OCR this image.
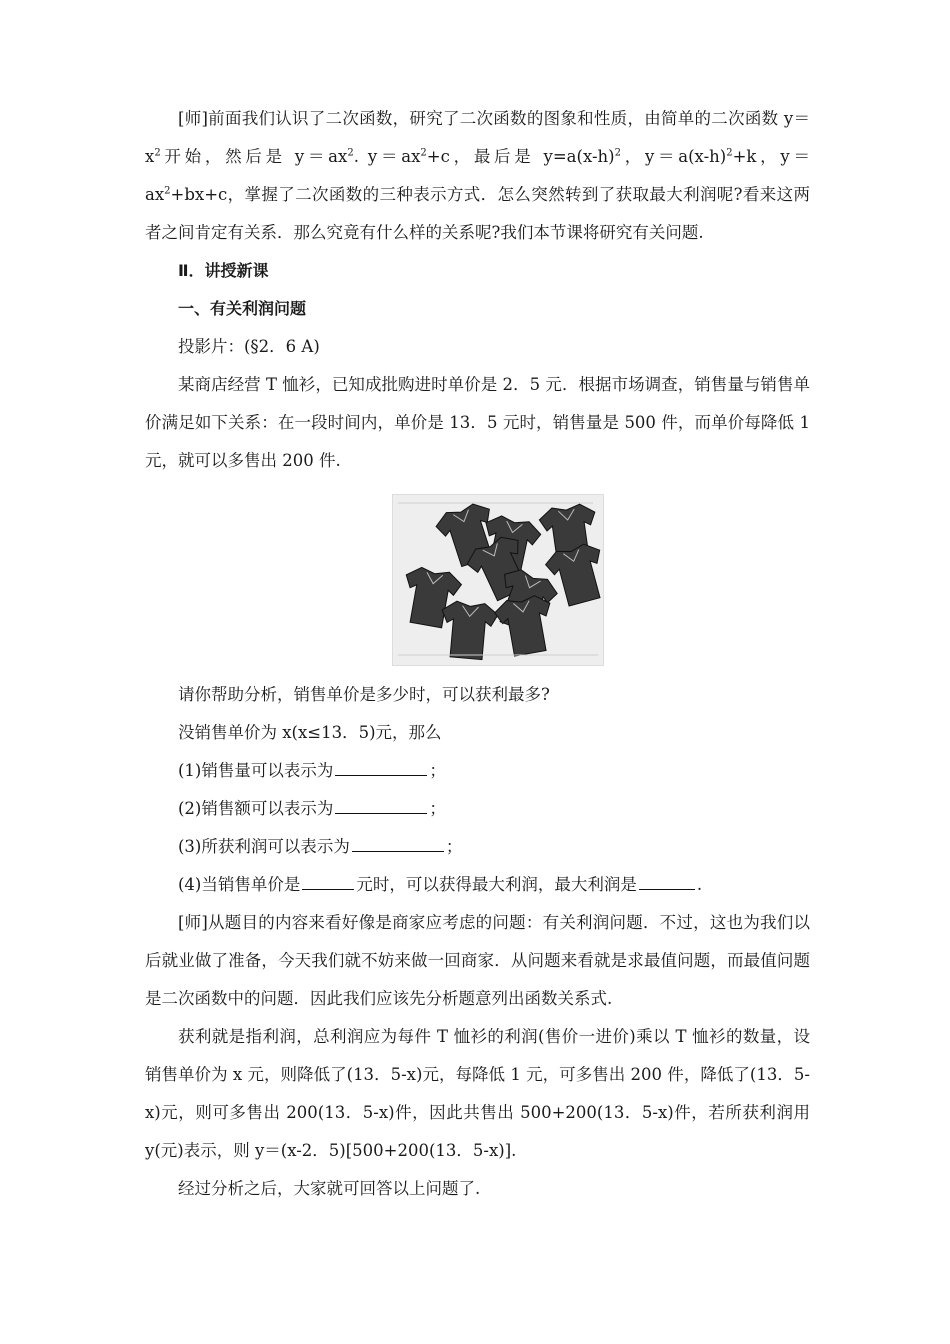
[师]前面我们认识了二次函数，研究了二次函数的图象和性质，由简单的二次函数 $y=x^2$开始，然后是 $y=ax^2$. $y=ax^2+c$，最后是 $y=a(x-h)^2$，$y=a(x-h)^2+k$，$y=ax^2+bx+c$，掌握了二次函数的三种表示方式．怎么突然转到了获取最大利润呢?看来这两者之间肯定有关系．那么究竟有什么样的关系呢?我们本节课将研究有关问题.

Ⅱ．讲授新课

一、有关利润问题

投影片：(§2．6 A)

某商店经营 T 恤衫，已知成批购进时单价是 2．5 元．根据市场调查，销售量与销售单价满足如下关系：在一段时间内，单价是 13．5 元时，销售量是 500 件，而单价每降低 1 元，就可以多售出 200 件.

请你帮助分析，销售单价是多少时，可以获利最多?

没销售单价为 x(x≤13．5)元，那么

(1)销售量可以表示为	；

(2)销售额可以表示为	；

(3)所获利润可以表示为	；

(4)当销售单价是	元时，可以获得最大利润，最大利润是	.

[师]从题目的内容来看好像是商家应考虑的问题：有关利润问题．不过，这也为我们以后就业做了准备，今天我们就不妨来做一回商家．从问题来看就是求最值问题，而最值问题是二次函数中的问题．因此我们应该先分析题意列出函数关系式.

获利就是指利润，总利润应为每件 T 恤衫的利润(售价一进价)乘以 T 恤衫的数量，设销售单价为 x 元，则降低了(13．5-x)元，每降低 1 元，可多售出 200 件，降低了(13．5-x)元，则可多售出 200(13．5-x)件，因此共售出 500+200(13．5-x)件，若所获利润用 y(元)表示，则 y＝(x-2．5)[500+200(13．5-x)].

经过分析之后，大家就可回答以上问题了.
